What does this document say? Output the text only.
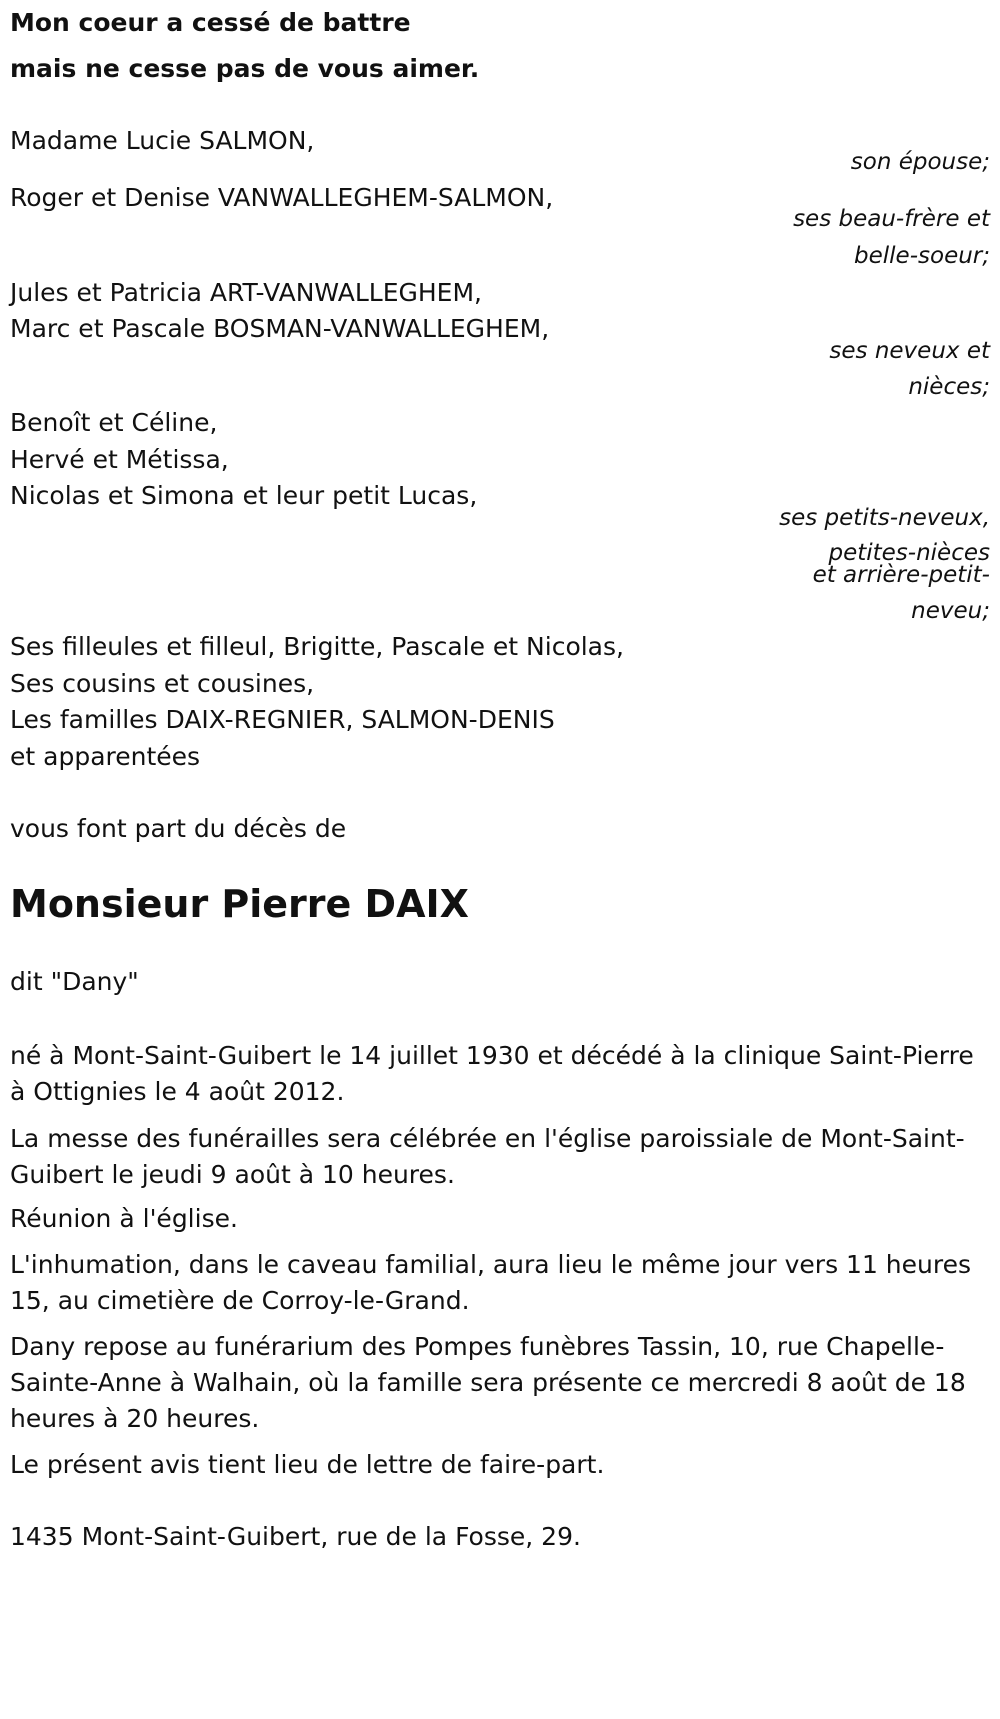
Mon coeur a cessé de battre
mais ne cesse pas de vous aimer.
Madame Lucie SALMON,
son épouse;
Roger et Denise VANWALLEGHEM-SALMON,
ses beau-frère et
belle-soeur;
Jules et Patricia ART-VANWALLEGHEM,
Marc et Pascale BOSMAN-VANWALLEGHEM,
ses neveux et
nièces;
Benoît et Céline,
Hervé et Métissa,
Nicolas et Simona et leur petit Lucas,
ses petits-neveux,
petites-nièces
et arrière-petit-
neveu;
Ses filleules et filleul, Brigitte, Pascale et Nicolas,
Ses cousins et cousines,
Les familles DAIX-REGNIER, SALMON-DENIS
et apparentées
vous font part du décès de
Monsieur Pierre DAIX
dit "Dany"
né à Mont-Saint-Guibert le 14 juillet 1930 et décédé à la clinique Saint-Pierre à Ottignies le 4 août 2012.
La messe des funérailles sera célébrée en l'église paroissiale de Mont-Saint-Guibert le jeudi 9 août à 10 heures.
Réunion à l'église.
L'inhumation, dans le caveau familial, aura lieu le même jour vers 11 heures 15, au cimetière de Corroy-le-Grand.
Dany repose au funérarium des Pompes funèbres Tassin, 10, rue Chapelle-Sainte-Anne à Walhain, où la famille sera présente ce mercredi 8 août de 18 heures à 20 heures.
Le présent avis tient lieu de lettre de faire-part.
1435 Mont-Saint-Guibert, rue de la Fosse, 29.
